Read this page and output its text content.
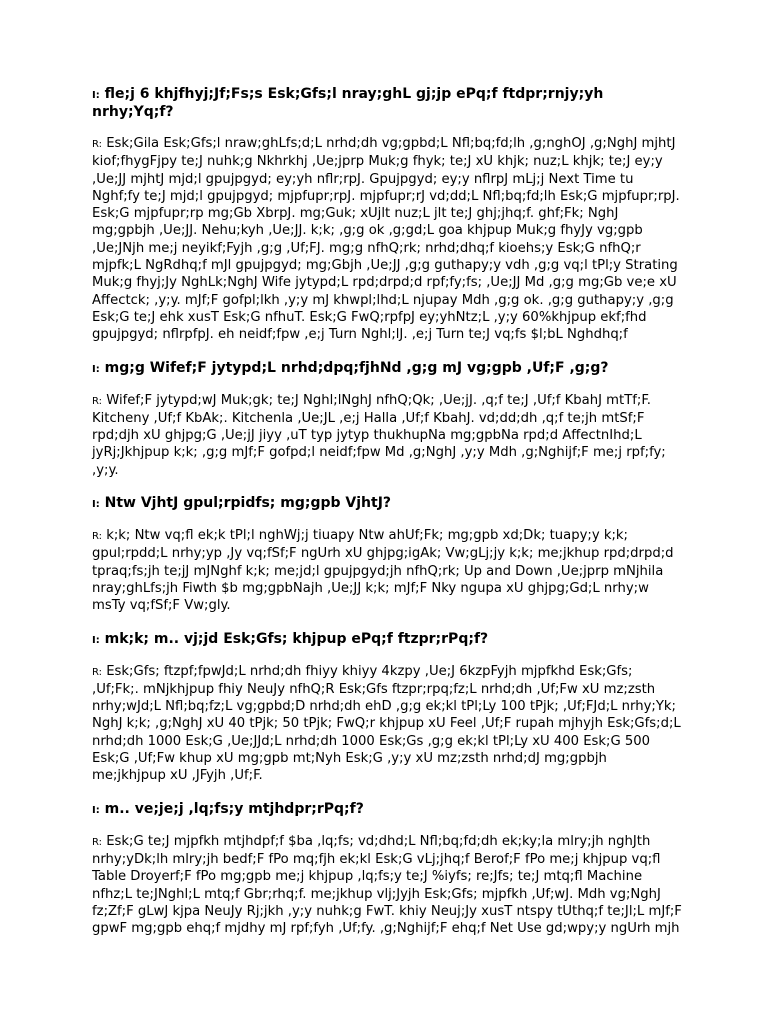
I: fle;j 6 khjfhyj;Jf;Fs;s Esk;Gfs;l nray;ghL gj;jp ePq;f ftdpr;rnjy;yh nrhy;Yq;f?

R: Esk;Gila Esk;Gfs;l nraw;ghLfs;d;L nrhd;dh vg;gpbd;L Nfl;bq;fd;lh ,g;nghOJ ,g;NghJ mjhtJ kiof;fhygFjpy te;J nuhk;g Nkhrkhj ,Ue;jprp Muk;g fhyk; te;J xU khjk; nuz;L khjk; te;J ey;y ,Ue;JJ mjhtJ mjd;l gpujpgyd; ey;yh nflr;rpJ. Gpujpgyd; ey;y nflrpJ mLj;j Next Time tu Nghf;fy te;J mjd;l gpujpgyd; mjpfupr;rpJ. mjpfupr;rJ vd;dd;L Nfl;bq;fd;lh Esk;G mjpfupr;rpJ. Esk;G mjpfupr;rp mg;Gb XbrpJ. mg;Guk; xUjlt nuz;L jlt te;J ghj;jhq;f. ghf;Fk; NghJ mg;gpbjh ,Ue;JJ. Nehu;kyh ,Ue;JJ. k;k; ,g;g ok ,g;gd;L goa khjpup Muk;g fhyJy vg;gpb ,Ue;JNjh me;j neyikf;Fyjh ,g;g ,Uf;FJ. mg;g nfhQ;rk; nrhd;dhq;f kioehs;y Esk;G nfhQ;r mjpfk;L NgRdhq;f mJl gpujpgyd; mg;Gbjh ,Ue;JJ ,g;g guthapy;y vdh ,g;g vq;l tPl;y Strating Muk;g fhyj;Jy NghLk;NghJ Wife jytypd;L rpd;drpd;d rpf;fy;fs; ,Ue;JJ Md ,g;g mg;Gb ve;e xU Affectck; ,y;y. mJf;F gofpl;lkh ,y;y mJ khwpl;lhd;L njupay Mdh ,g;g ok. ,g;g guthapy;y ,g;g Esk;G te;J ehk xusT Esk;G nfhuT. Esk;G FwQ;rpfpJ ey;yhNtz;L ,y;y 60%khjpup ekf;fhd gpujpgyd; nflrpfpJ. eh neidf;fpw ,e;j Turn Nghl;lJ. ,e;j Turn te;J vq;fs $l;bL Nghdhq;f

I: mg;g Wifef;F jytypd;L nrhd;dpq;fjhNd ,g;g mJ vg;gpb ,Uf;F ,g;g?

R: Wifef;F jytypd;wJ Muk;gk; te;J Nghl;lNghJ nfhQ;Qk; ,Ue;jJ. ,q;f te;J ,Uf;f KbahJ mtTf;F. Kitcheny ,Uf;f KbAk;. Kitchenla ,Ue;JL ,e;j Halla ,Uf;f KbahJ. vd;dd;dh ,q;f te;jh mtSf;F rpd;djh xU ghjpg;G ,Ue;jJ jiyy ,uT typ jytyp thukhupNa mg;gpbNa rpd;d AffectnIhd;L jyRj;Jkhjpup k;k; ,g;g mJf;F gofpd;l neidf;fpw Md ,g;NghJ ,y;y Mdh ,g;Nghijf;F me;j rpf;fy; ,y;y.

I: Ntw VjhtJ gpul;rpidfs; mg;gpb VjhtJ?

R: k;k; Ntw vq;fl ek;k tPl;l nghWj;j tiuapy Ntw ahUf;Fk; mg;gpb xd;Dk; tuapy;y k;k; gpul;rpdd;L nrhy;yp ,Jy vq;fSf;F ngUrh xU ghjpg;igAk; Vw;gLj;jy k;k; me;jkhup rpd;drpd;d tpraq;fs;jh te;jJ mJNghf k;k; me;jd;l gpujpgyd;jh nfhQ;rk; Up and Down ,Ue;jprp mNjhila nray;ghLfs;jh Fiwth $b mg;gpbNajh ,Ue;JJ k;k; mJf;F Nky ngupa xU ghjpg;Gd;L nrhy;w msTy vq;fSf;F Vw;gly.

I: mk;k; m.. vj;jd Esk;Gfs; khjpup ePq;f ftzpr;rPq;f?

R: Esk;Gfs; ftzpf;fpwJd;L nrhd;dh fhiyy khiyy 4kzpy ,Ue;J 6kzpFyjh mjpfkhd Esk;Gfs; ,Uf;Fk;. mNjkhjpup fhiy NeuJy nfhQ;R Esk;Gfs ftzpr;rpq;fz;L nrhd;dh ,Uf;Fw xU mz;zsth nrhy;wJd;L Nfl;bq;fz;L vg;gpbd;D nrhd;dh ehD ,g;g ek;kl tPl;Ly 100 tPjk; ,Uf;FJd;L nrhy;Yk; NghJ k;k; ,g;NghJ xU 40 tPjk; 50 tPjk; FwQ;r khjpup xU Feel ,Uf;F rupah mjhyjh Esk;Gfs;d;L nrhd;dh 1000 Esk;G ,Ue;JJd;L nrhd;dh 1000 Esk;Gs ,g;g ek;kl tPl;Ly xU 400 Esk;G 500 Esk;G ,Uf;Fw khup xU mg;gpb mt;Nyh Esk;G ,y;y xU mz;zsth nrhd;dJ mg;gpbjh me;jkhjpup xU ,JFyjh ,Uf;F.

I: m.. ve;je;j ,lq;fs;y mtjhdpr;rPq;f?

R: Esk;G te;J mjpfkh mtjhdpf;f $ba ,lq;fs; vd;dhd;L Nfl;bq;fd;dh ek;ky;la mlry;jh nghJth nrhy;yDk;lh mlry;jh bedf;F fPo mq;fjh ek;kl Esk;G vLj;jhq;f Berof;F fPo me;j khjpup vq;fl Table Droyerf;F fPo mg;gpb me;j khjpup ,lq;fs;y te;J %iyfs; re;Jfs; te;J mtq;fl Machine nfhz;L te;JNghl;L mtq;f Gbr;rhq;f. me;jkhup vlj;Jyjh Esk;Gfs; mjpfkh ,Uf;wJ. Mdh vg;NghJ fz;Zf;F gLwJ kjpa NeuJy Rj;jkh ,y;y nuhk;g FwT. khiy Neuj;Jy xusT ntspy tUthq;f te;Jl;L mJf;F gpwF mg;gpb ehq;f mjdhy mJ rpf;fyh ,Uf;fy. ,g;Nghijf;F ehq;f Net Use gd;wpy;y ngUrh mjh
